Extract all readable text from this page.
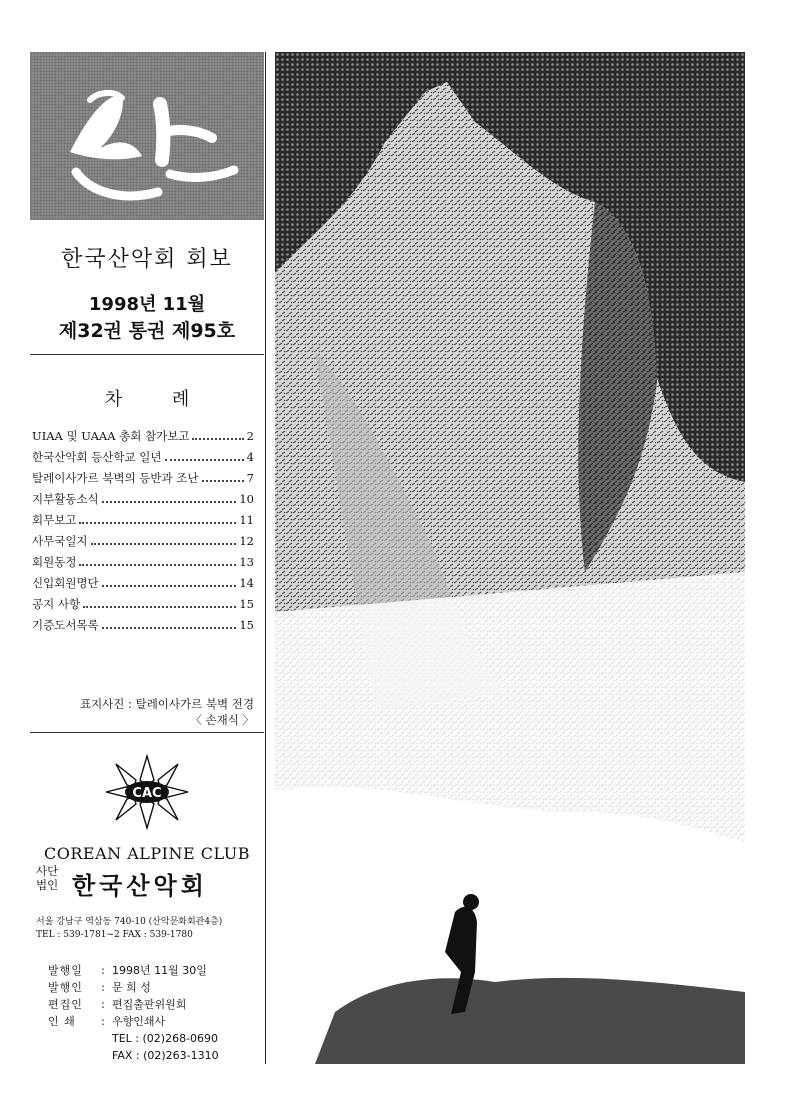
한국산악회 회보
1998년 11월
제32권 통권 제95호
차 례
UIAA 및 UAAA 총회 참가보고	2
한국산악회 등산학교 일년	4
탈레이사가르 북벽의 등반과 조난	7
지부활동소식	10
회무보고	11
사무국일지	12
회원동정	13
신입회원명단	14
공지 사항	15
기증도서목록	15
표지사진 : 탈레이사가르 북벽 전경
〈 손재식 〉
CAC
COREAN ALPINE CLUB
사단
법인 한국산악회
서울 강남구 역삼동 740-10 (산악문화회관4층)
TEL : 539-1781~2 FAX : 539-1780
발행일	: 1998년 11월 30일
발행인	: 문 희 성
편집인	: 편집출판위원회
인 쇄	: 우향인쇄사
TEL : (02)268-0690
FAX : (02)263-1310
